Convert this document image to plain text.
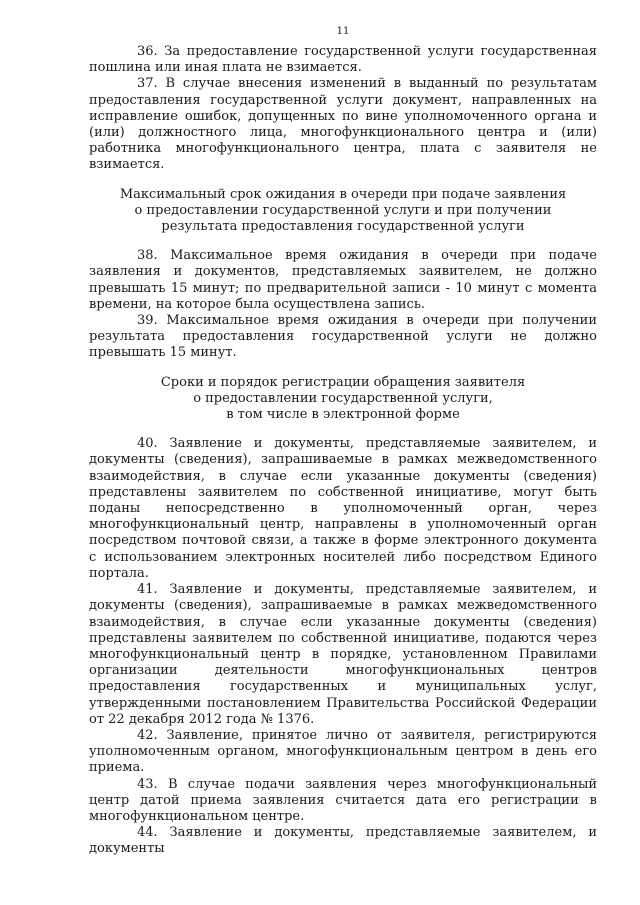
11

36. За предоставление государственной услуги государственная пошлина или иная плата не взимается.

37. В случае внесения изменений в выданный по результатам предоставления государственной услуги документ, направленных на исправление ошибок, допущенных по вине уполномоченного органа и (или) должностного лица, многофункционального центра и (или) работника многофункционального центра, плата с заявителя не взимается.

Максимальный срок ожидания в очереди при подаче заявления
о предоставлении государственной услуги и при получении
результата предоставления государственной услуги

38. Максимальное время ожидания в очереди при подаче заявления и документов, представляемых заявителем, не должно превышать 15 минут; по предварительной записи - 10 минут с момента времени, на которое была осуществлена запись.

39. Максимальное время ожидания в очереди при получении результата предоставления государственной услуги не должно превышать 15 минут.

Сроки и порядок регистрации обращения заявителя
о предоставлении государственной услуги,
в том числе в электронной форме

40. Заявление и документы, представляемые заявителем, и документы (сведения), запрашиваемые в рамках межведомственного взаимодействия, в случае если указанные документы (сведения) представлены заявителем по собственной инициативе, могут быть поданы непосредственно в уполномоченный орган, через многофункциональный центр, направлены в уполномоченный орган посредством почтовой связи, а также в форме электронного документа с использованием электронных носителей либо посредством Единого портала.

41. Заявление и документы, представляемые заявителем, и документы (сведения), запрашиваемые в рамках межведомственного взаимодействия, в случае если указанные документы (сведения) представлены заявителем по собственной инициативе, подаются через многофункциональный центр в порядке, установленном Правилами организации деятельности многофункциональных центров предоставления государственных и муниципальных услуг, утвержденными постановлением Правительства Российской Федерации от 22 декабря 2012 года № 1376.

42. Заявление, принятое лично от заявителя, регистрируются уполномоченным органом, многофункциональным центром в день его приема.

43. В случае подачи заявления через многофункциональный центр датой приема заявления считается дата его регистрации в многофункциональном центре.

44. Заявление и документы, представляемые заявителем, и документы
